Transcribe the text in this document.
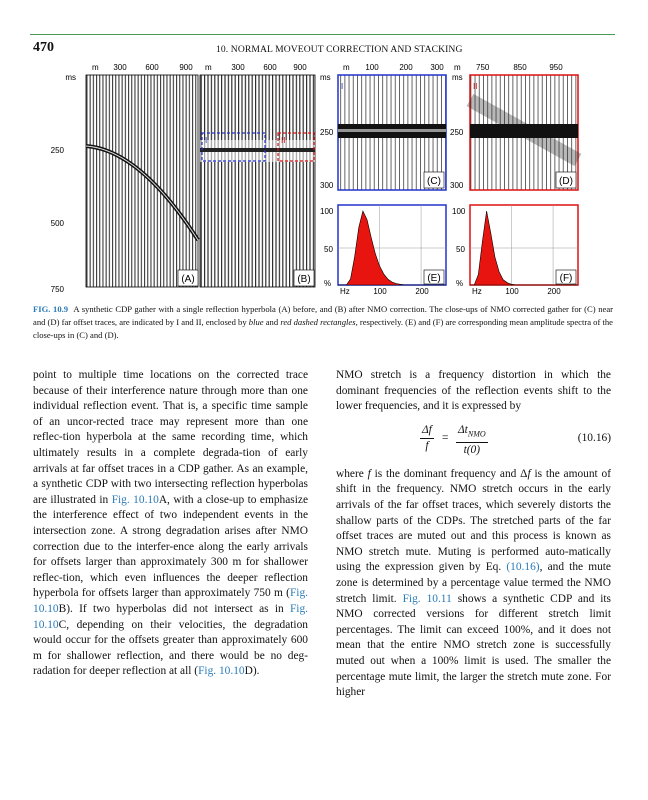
470	10. NORMAL MOVEOUT CORRECTION AND STACKING
(A)
m 300 600	900
ms
250
500
750
I	II
(B)
m 300 600 900
(C)
I
m 100	200 300
ms
250
300	(D)
II
750	850	950
m
ms
250
300
(E)
100
50
%
Hz	100	200
(F)
100
50
%
Hz	100	200
FIG. 10.9 A synthetic CDP gather with a single reflection hyperbola (A) before, and (B) after NMO correction. The close-ups of NMO corrected gather for (C) near and (D) far offset traces, are indicated by I and II, enclosed by blue and red dashed rectangles, respectively. (E) and (F) are corresponding mean amplitude spectra of the close-ups in (C) and (D).
point to multiple time locations on the corrected trace because of their interference nature through more than one individual reflection event. That is, a specific time sample of an uncor-rected trace may represent more than one reflec-tion hyperbola at the same recording time, which ultimately results in a complete degrada-tion of early arrivals at far offset traces in a CDP gather. As an example, a synthetic CDP with two intersecting reflection hyperbolas are illustrated in Fig. 10.10A, with a close-up to emphasize the interference effect of two independent events in the intersection zone. A strong degradation arises after NMO correction due to the interfer-ence along the early arrivals for offsets larger than approximately 300 m for shallower reflec-tion, which even influences the deeper reflection hyperbola for offsets larger than approximately 750 m (Fig. 10.10B). If two hyperbolas did not intersect as in Fig. 10.10C, depending on their velocities, the degradation would occur for the offsets greater than approximately 600 m for shallower reflection, and there would be no deg-radation for deeper reflection at all (Fig. 10.10D).
NMO stretch is a frequency distortion in which the dominant frequencies of the reflection events shift to the lower frequencies, and it is expressed by
$\frac{\Delta f}{f}$ =
$\Delta t_{NMO}$
t(0)
(10.16)
where f is the dominant frequency and Δf is the amount of shift in the frequency. NMO stretch occurs in the early arrivals of the far offset traces, which severely distorts the shallow parts of the CDPs. The stretched parts of the far offset traces are muted out and this process is known as NMO stretch mute. Muting is performed auto-matically using the expression given by Eq. (10.16), and the mute zone is determined by a percentage value termed the NMO stretch limit. Fig. 10.11 shows a synthetic CDP and its NMO corrected versions for different stretch limit percentages. The limit can exceed 100%, and it does not mean that the entire NMO stretch zone is successfully muted out when a 100% limit is used. The smaller the percentage mute limit, the larger the stretch mute zone. For higher
